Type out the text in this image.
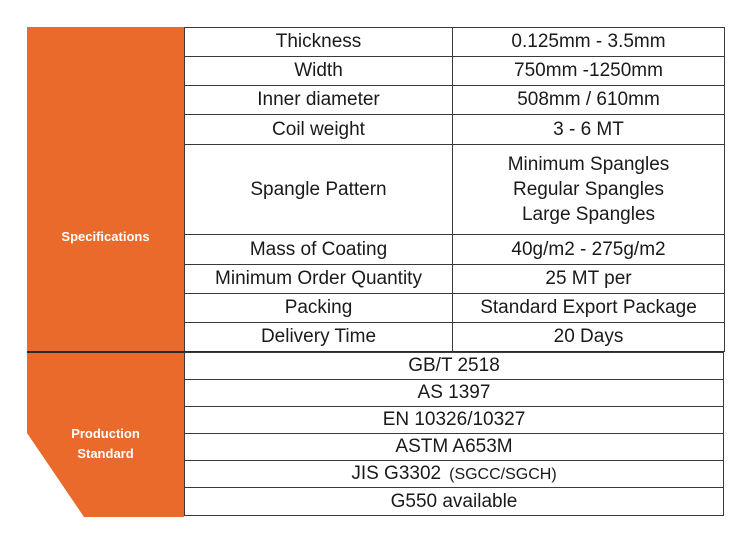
Specifications
Production
Standard
Thickness	0.125mm - 3.5mm
Width	750mm -1250mm
Inner diameter	508mm / 610mm
Coil weight	3 - 6 MT
Spangle Pattern	Minimum Spangles
Regular Spangles
Large Spangles

Mass of Coating	40g/m2 - 275g/m2
Minimum Order Quantity	25 MT per
Packing	Standard Export Package
Delivery Time	20 Days
GB/T 2518
AS 1397
EN 10326/10327
ASTM A653M
JIS G3302 (SGCC/SGCH)
G550 available
